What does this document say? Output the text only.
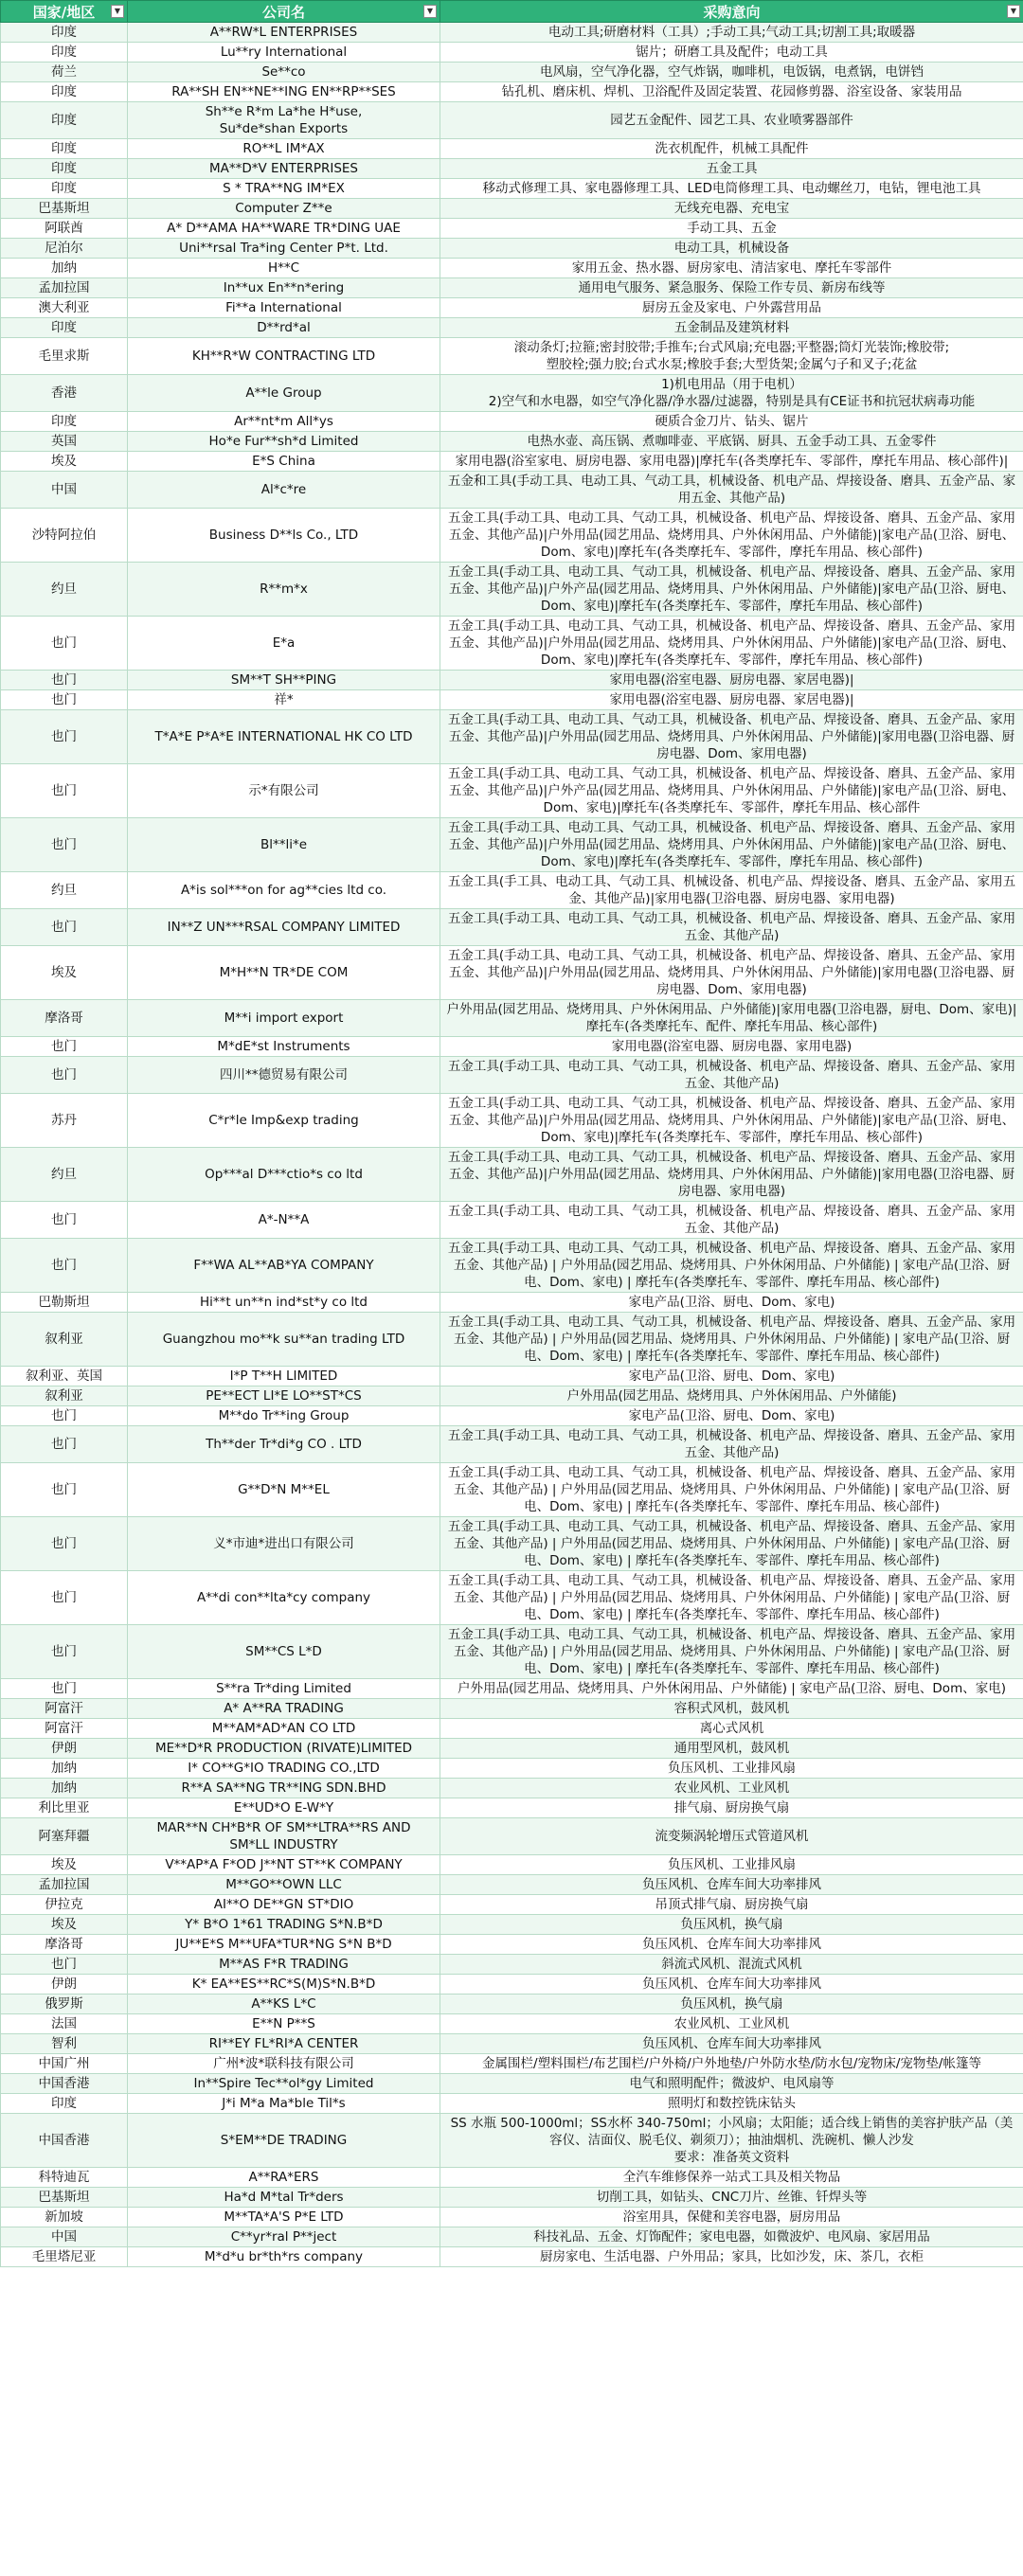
国家/地区 ▼	公司名 ▼	采购意向 ▼

印度	A**RW*L ENTERPRISES	电动工具;研磨材料（工具）;手动工具;气动工具;切割工具;取暖器
印度	Lu**ry International	锯片；研磨工具及配件；电动工具
荷兰	Se**co	电风扇，空气净化器，空气炸锅，咖啡机，电饭锅，电煮锅，电饼铛
印度	RA**SH EN**NE**ING EN**RP**SES	钻孔机、磨床机、焊机、卫浴配件及固定装置、花园修剪器、浴室设备、家装用品
印度	Sh**e R*m La*he H*use,
Su*de*shan Exports	园艺五金配件、园艺工具、农业喷雾器部件
印度	RO**L IM*AX	洗衣机配件，机械工具配件
印度	MA**D*V ENTERPRISES	五金工具
印度	S * TRA**NG IM*EX	移动式修理工具、家电器修理工具、LED电筒修理工具、电动螺丝刀，电钻，锂电池工具
巴基斯坦	Computer Z**e	无线充电器、充电宝
阿联酋	A* D**AMA HA**WARE TR*DING UAE	手动工具、五金
尼泊尔	Uni**rsal Tra*ing Center P*t. Ltd.	电动工具，机械设备
加纳	H**C	家用五金、热水器、厨房家电、清洁家电、摩托车零部件
孟加拉国	In**ux En**n*ering	通用电气服务、紧急服务、保险工作专员、新房布线等
澳大利亚	Fi**a International	厨房五金及家电、户外露营用品
印度	D**rd*al	五金制品及建筑材料
毛里求斯	KH**R*W CONTRACTING LTD	滚动条灯;拉箍;密封胶带;手推车;台式风扇;充电器;平整器;筒灯光装饰;橡胶带;
塑胶栓;强力胶;台式水泵;橡胶手套;大型货架;金属勺子和叉子;花盆
香港	A**le Group	1)机电用品（用于电机）
2)空气和水电器，如空气净化器/净水器/过滤器，特别是具有CE证书和抗冠状病毒功能
印度	Ar**nt*m All*ys	硬质合金刀片、钻头、锯片
英国	Ho*e Fur**sh*d Limited	电热水壶、高压锅、煮咖啡壶、平底锅、厨具、五金手动工具、五金零件
埃及	E*S China	家用电器(浴室家电、厨房电器、家用电器)|摩托车(各类摩托车、零部件，摩托车用品、核心部件)|
中国	Al*c*re	五金和工具(手动工具、电动工具、气动工具，机械设备、机电产品、焊接设备、磨具、五金产品、家用五金、其他产品)
沙特阿拉伯	Business D**ls Co., LTD	五金工具(手动工具、电动工具、气动工具，机械设备、机电产品、焊接设备、磨具、五金产品、家用五金、其他产品)|户外用品(园艺用品、烧烤用具、户外休闲用品、户外储能)|家电产品(卫浴、厨电、Dom、家电)|摩托车(各类摩托车、零部件，摩托车用品、核心部件)
约旦	R**m*x	五金工具(手动工具、电动工具、气动工具，机械设备、机电产品、焊接设备、磨具、五金产品、家用五金、其他产品)|户外产品(园艺用品、烧烤用具、户外休闲用品、户外储能)|家电产品(卫浴、厨电、Dom、家电)|摩托车(各类摩托车、零部件，摩托车用品、核心部件)
也门	E*a	五金工具(手动工具、电动工具、气动工具，机械设备、机电产品、焊接设备、磨具、五金产品、家用五金、其他产品)|户外用品(园艺用品、烧烤用具、户外休闲用品、户外储能)|家电产品(卫浴、厨电、Dom、家电)|摩托车(各类摩托车、零部件，摩托车用品、核心部件)
也门	SM**T SH**PING	家用电器(浴室电器、厨房电器、家居电器)|
也门	祥*	家用电器(浴室电器、厨房电器、家居电器)|
也门	T*A*E P*A*E INTERNATIONAL HK CO LTD	五金工具(手动工具、电动工具、气动工具，机械设备、机电产品、焊接设备、磨具、五金产品、家用五金、其他产品)|户外用品(园艺用品、烧烤用具、户外休闲用品、户外储能)|家用电器(卫浴电器、厨房电器、Dom、家用电器)
也门	示*有限公司	五金工具(手动工具、电动工具、气动工具，机械设备、机电产品、焊接设备、磨具、五金产品、家用五金、其他产品)|户外产品(园艺用品、烧烤用具、户外休闲用品、户外储能)|家电产品(卫浴、厨电、Dom、家电)|摩托车(各类摩托车、零部件，摩托车用品、核心部件
也门	Bl**li*e	五金工具(手动工具、电动工具、气动工具，机械设备、机电产品、焊接设备、磨具、五金产品、家用五金、其他产品)|户外用品(园艺用品、烧烤用具、户外休闲用品、户外储能)|家电产品(卫浴、厨电、Dom、家电)|摩托车(各类摩托车、零部件，摩托车用品、核心部件)
约旦	A*is sol***on for ag**cies ltd co.	五金工具(手工具、电动工具、气动工具、机械设备、机电产品、焊接设备、磨具、五金产品、家用五金、其他产品)|家用电器(卫浴电器、厨房电器、家用电器)
也门	IN**Z UN***RSAL COMPANY LIMITED	五金工具(手动工具、电动工具、气动工具，机械设备、机电产品、焊接设备、磨具、五金产品、家用五金、其他产品)
埃及	M*H**N TR*DE COM	五金工具(手动工具、电动工具、气动工具，机械设备、机电产品、焊接设备、磨具、五金产品、家用五金、其他产品)|户外用品(园艺用品、烧烤用具、户外休闲用品、户外储能)|家用电器(卫浴电器、厨房电器、Dom、家用电器)
摩洛哥	M**i import export	户外用品(园艺用品、烧烤用具、户外休闲用品、户外储能)|家用电器(卫浴电器，厨电、Dom、家电)|摩托车(各类摩托车、配件、摩托车用品、核心部件)
也门	M*dE*st Instruments	家用电器(浴室电器、厨房电器、家用电器)
也门	四川**德贸易有限公司	五金工具(手动工具、电动工具、气动工具，机械设备、机电产品、焊接设备、磨具、五金产品、家用五金、其他产品)
苏丹	C*r*le Imp&exp trading	五金工具(手动工具、电动工具、气动工具，机械设备、机电产品、焊接设备、磨具、五金产品、家用五金、其他产品)|户外用品(园艺用品、烧烤用具、户外休闲用品、户外储能)|家电产品(卫浴、厨电、Dom、家电)|摩托车(各类摩托车、零部件，摩托车用品、核心部件)
约旦	Op***al D***ctio*s co ltd	五金工具(手动工具、电动工具、气动工具，机械设备、机电产品、焊接设备、磨具、五金产品、家用五金、其他产品)|户外用品(园艺用品、烧烤用具、户外休闲用品、户外储能)|家用电器(卫浴电器、厨房电器、家用电器)
也门	A*-N**A	五金工具(手动工具、电动工具、气动工具，机械设备、机电产品、焊接设备、磨具、五金产品、家用五金、其他产品)
也门	F**WA AL**AB*YA COMPANY	五金工具(手动工具、电动工具、气动工具，机械设备、机电产品、焊接设备、磨具、五金产品、家用五金、其他产品) | 户外用品(园艺用品、烧烤用具、户外休闲用品、户外储能) | 家电产品(卫浴、厨电、Dom、家电) | 摩托车(各类摩托车、零部件、摩托车用品、核心部件)
巴勒斯坦	Hi**t un**n ind*st*y co ltd	家电产品(卫浴、厨电、Dom、家电)
叙利亚	Guangzhou mo**k su**an trading LTD	五金工具(手动工具、电动工具、气动工具，机械设备、机电产品、焊接设备、磨具、五金产品、家用五金、其他产品) | 户外用品(园艺用品、烧烤用具、户外休闲用品、户外储能) | 家电产品(卫浴、厨电、Dom、家电) | 摩托车(各类摩托车、零部件、摩托车用品、核心部件)
叙利亚、英国	I*P T**H LIMITED	家电产品(卫浴、厨电、Dom、家电)
叙利亚	PE**ECT LI*E LO**ST*CS	户外用品(园艺用品、烧烤用具、户外休闲用品、户外储能)
也门	M**do Tr**ing Group	家电产品(卫浴、厨电、Dom、家电)
也门	Th**der Tr*di*g CO . LTD	五金工具(手动工具、电动工具、气动工具，机械设备、机电产品、焊接设备、磨具、五金产品、家用五金、其他产品)
也门	G**D*N M**EL	五金工具(手动工具、电动工具、气动工具，机械设备、机电产品、焊接设备、磨具、五金产品、家用五金、其他产品) | 户外用品(园艺用品、烧烤用具、户外休闲用品、户外储能) | 家电产品(卫浴、厨电、Dom、家电) | 摩托车(各类摩托车、零部件、摩托车用品、核心部件)
也门	义*市迪*进出口有限公司	五金工具(手动工具、电动工具、气动工具，机械设备、机电产品、焊接设备、磨具、五金产品、家用五金、其他产品) | 户外用品(园艺用品、烧烤用具、户外休闲用品、户外储能) | 家电产品(卫浴、厨电、Dom、家电) | 摩托车(各类摩托车、零部件、摩托车用品、核心部件)
也门	A**di con**lta*cy company	五金工具(手动工具、电动工具、气动工具，机械设备、机电产品、焊接设备、磨具、五金产品、家用五金、其他产品) | 户外用品(园艺用品、烧烤用具、户外休闲用品、户外储能) | 家电产品(卫浴、厨电、Dom、家电) | 摩托车(各类摩托车、零部件、摩托车用品、核心部件)
也门	SM**CS L*D	五金工具(手动工具、电动工具、气动工具，机械设备、机电产品、焊接设备、磨具、五金产品、家用五金、其他产品) | 户外用品(园艺用品、烧烤用具、户外休闲用品、户外储能) | 家电产品(卫浴、厨电、Dom、家电) | 摩托车(各类摩托车、零部件、摩托车用品、核心部件)
也门	S**ra Tr*ding Limited	户外用品(园艺用品、烧烤用具、户外休闲用品、户外储能) | 家电产品(卫浴、厨电、Dom、家电)
阿富汗	A* A**RA TRADING	容积式风机，鼓风机
阿富汗	M**AM*AD*AN CO LTD	离心式风机
伊朗	ME**D*R PRODUCTION (RIVATE)LIMITED	通用型风机，鼓风机
加纳	I* CO**G*IO TRADING CO.,LTD	负压风机、工业排风扇
加纳	R**A SA**NG TR**ING SDN.BHD	农业风机、工业风机
利比里亚	E**UD*O E-W*Y	排气扇、厨房换气扇
阿塞拜疆	MAR**N CH*B*R OF SM**LTRA**RS AND
SM*LL INDUSTRY	流变频涡轮增压式管道风机
埃及	V**AP*A F*OD J**NT ST**K COMPANY	负压风机、工业排风扇
孟加拉国	M**GO**OWN LLC	负压风机、仓库车间大功率排风
伊拉克	AI**O DE**GN ST*DIO	吊顶式排气扇、厨房换气扇
埃及	Y* B*O 1*61 TRADING S*N.B*D	负压风机，换气扇
摩洛哥	JU**E*S M**UFA*TUR*NG S*N B*D	负压风机、仓库车间大功率排风
也门	M**AS F*R TRADING	斜流式风机、混流式风机
伊朗	K* EA**ES**RC*S(M)S*N.B*D	负压风机、仓库车间大功率排风
俄罗斯	A**KS L*C	负压风机，换气扇
法国	E**N P**S	农业风机、工业风机
智利	RI**EY FL*RI*A CENTER	负压风机、仓库车间大功率排风
中国广州	广州*波*联科技有限公司	金属围栏/塑料围栏/布艺围栏/户外椅/户外地垫/户外防水垫/防水包/宠物床/宠物垫/帐篷等
中国香港	In**Spire Tec**ol*gy Limited	电气和照明配件；微波炉、电风扇等
印度	J*i M*a Ma*ble Til*s	照明灯和数控铣床钻头
中国香港	S*EM**DE TRADING	SS 水瓶 500-1000ml；SS水杯 340-750ml；小风扇；太阳能；适合线上销售的美容护肤产品（美容仪、洁面仪、脱毛仪、剃须刀）；抽油烟机、洗碗机、懒人沙发
要求：准备英文资料
科特迪瓦	A**RA*ERS	全汽车维修保养一站式工具及相关物品
巴基斯坦	Ha*d M*tal Tr*ders	切削工具，如钻头、CNC刀片、丝锥、钎焊头等
新加坡	M**TA*A'S P*E LTD	浴室用具，保健和美容电器，厨房用品
中国	C**yr*ral P**ject	科技礼品、五金、灯饰配件；家电电器，如微波炉、电风扇、家居用品
毛里塔尼亚	M*d*u br*th*rs company	厨房家电、生活电器、户外用品；家具，比如沙发，床、茶几，衣柜
